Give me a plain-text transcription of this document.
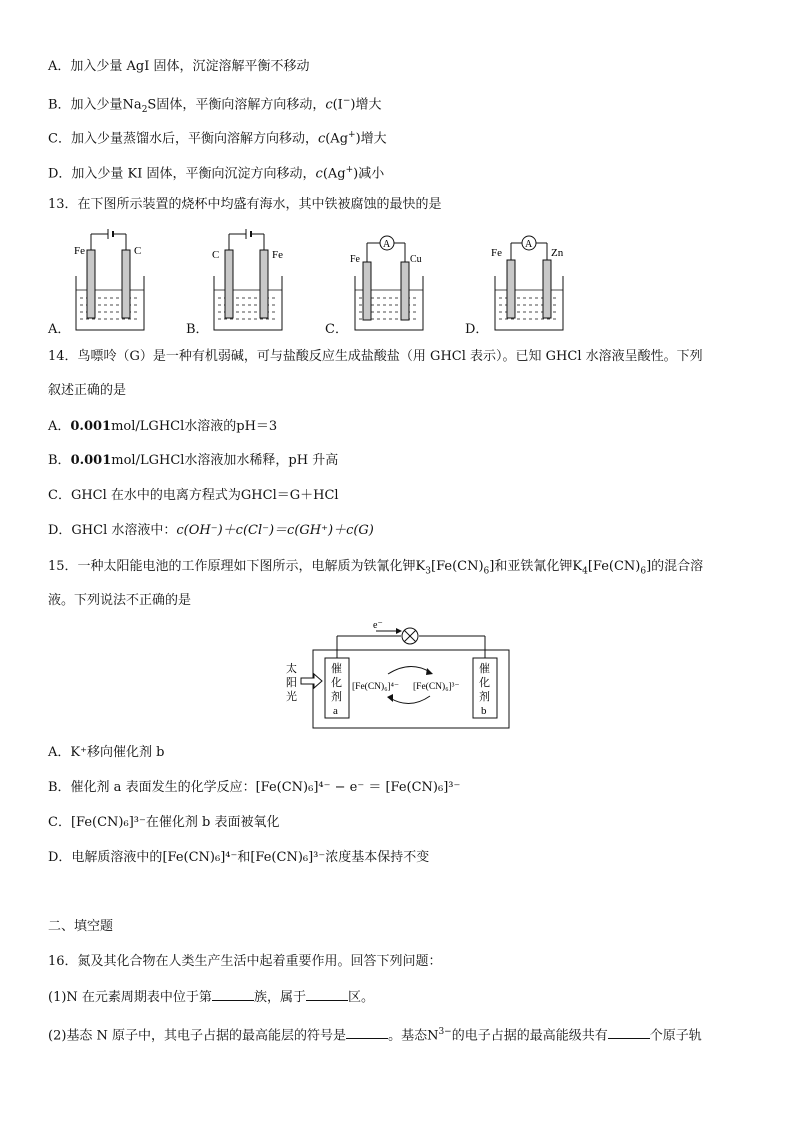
A．加入少量 AgI 固体，沉淀溶解平衡不移动
B．加入少量$Na_2S$固体，平衡向溶解方向移动，c(I−)增大
C．加入少量蒸馏水后，平衡向溶解方向移动，c(Ag+)增大
D．加入少量 KI 固体，平衡向沉淀方向移动，c(Ag+)减小
13．在下图所示装置的烧杯中均盛有海水，其中铁被腐蚀的最快的是
A．
Fe	C
B．
C	Fe
C．
A
Fe	Cu
D．
A
Fe	Zn
14．鸟嘌呤（G）是一种有机弱碱，可与盐酸反应生成盐酸盐（用 GHCl 表示）。已知 GHCl 水溶液呈酸性。下列
叙述正确的是
A．0.001mol/LGHCl水溶液的pH＝3
B．0.001mol/LGHCl水溶液加水稀释，pH 升高
C．GHCl 在水中的电离方程式为GHCl＝G＋HCl
D．GHCl 水溶液中：c(OH⁻)＋c(Cl⁻)＝c(GH⁺)＋c(G)
15．一种太阳能电池的工作原理如下图所示，电解质为铁氰化钾$K_3[Fe(CN)_6]$和亚铁氰化钾$K_4[Fe(CN)_6]$的混合溶
液。下列说法不正确的是
e⁻
太
阳
光
催
化
剂
a
催
化
剂
b
[Fe(CN)₆]⁴⁻ [Fe(CN)₆]³⁻
A．K⁺移向催化剂 b
B．催化剂 a 表面发生的化学反应：[Fe(CN)₆]⁴⁻ − e⁻ ＝ [Fe(CN)₆]³⁻
C．[Fe(CN)₆]³⁻在催化剂 b 表面被氧化
D．电解质溶液中的[Fe(CN)₆]⁴⁻和[Fe(CN)₆]³⁻浓度基本保持不变
二、填空题
16．氮及其化合物在人类生产生活中起着重要作用。回答下列问题：
(1)N 在元素周期表中位于第	族，属于	区。
(2)基态 N 原子中，其电子占据的最高能层的符号是	。基态$N^{3-}$的电子占据的最高能级共有	个原子轨
